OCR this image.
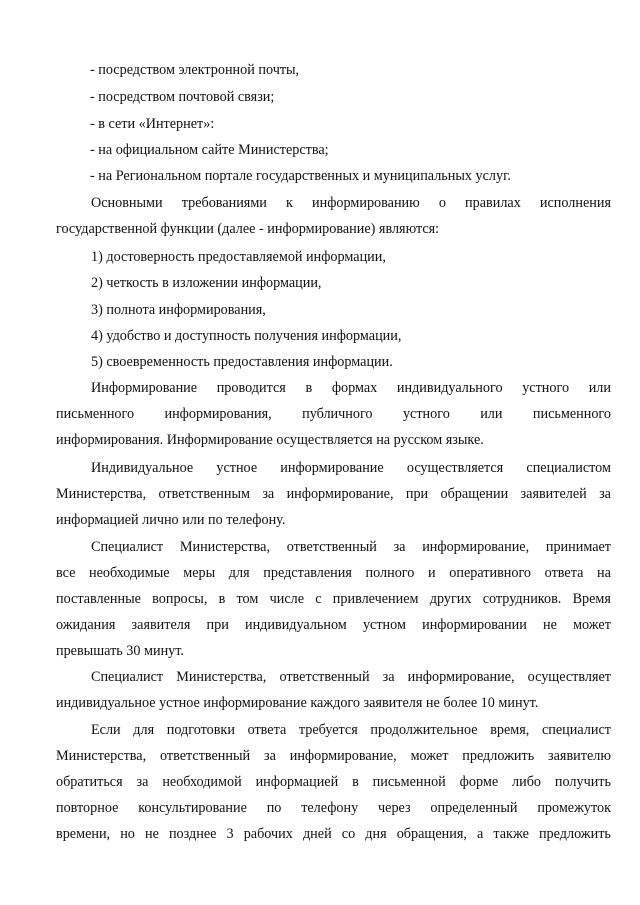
- посредством электронной почты,
- посредством почтовой связи;
- в сети «Интернет»:
- на официальном сайте Министерства;
- на Региональном портале государственных и муниципальных услуг.
Основными требованиями к информированию о правилах исполнения
государственной функции (далее - информирование) являются:
1) достоверность предоставляемой информации,
2) четкость в изложении информации,
3) полнота информирования,
4) удобство и доступность получения информации,
5) своевременность предоставления информации.
Информирование проводится в формах индивидуального устного или
письменного информирования, публичного устного или письменного
информирования. Информирование осуществляется на русском языке.
Индивидуальное устное информирование осуществляется специалистом
Министерства, ответственным за информирование, при обращении заявителей за
информацией лично или по телефону.
Специалист Министерства, ответственный за информирование, принимает
все необходимые меры для представления полного и оперативного ответа на
поставленные вопросы, в том числе с привлечением других сотрудников. Время
ожидания заявителя при индивидуальном устном информировании не может
превышать 30 минут.
Специалист Министерства, ответственный за информирование, осуществляет
индивидуальное устное информирование каждого заявителя не более 10 минут.
Если для подготовки ответа требуется продолжительное время, специалист
Министерства, ответственный за информирование, может предложить заявителю
обратиться за необходимой информацией в письменной форме либо получить
повторное консультирование по телефону через определенный промежуток
времени, но не позднее 3 рабочих дней со дня обращения, а также предложить
